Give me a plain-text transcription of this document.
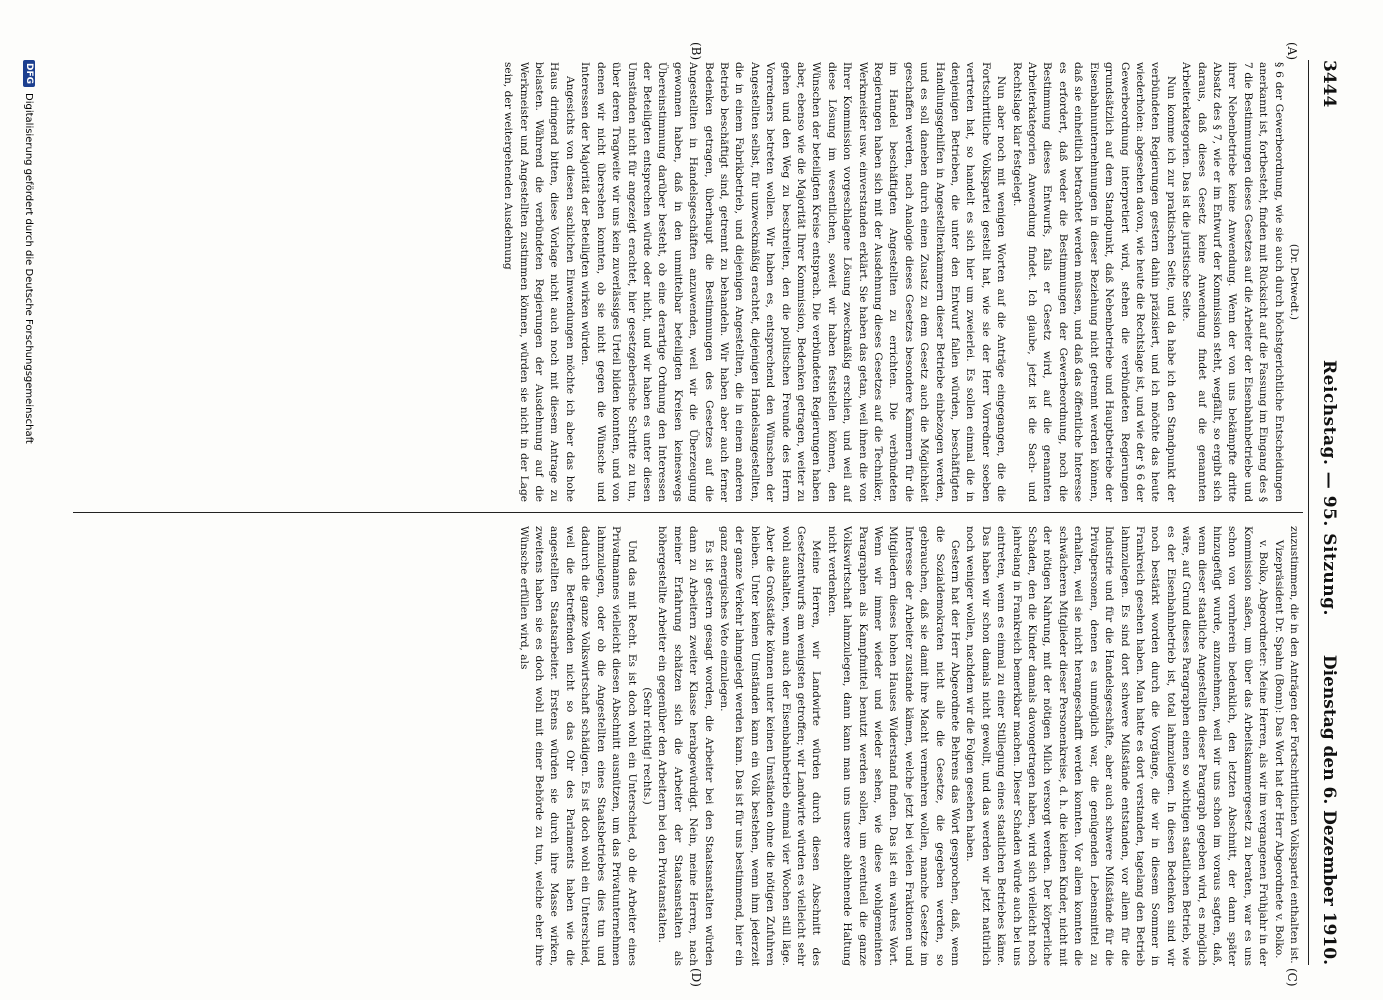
3444
Reichstag. — 95. Sitzung.
Dienstag den 6. Dezember 1910.
(A)
(B)
(C)
(D)

(Dr. Detwedt.)

§ 6 der Gewerbeordnung, wie sie auch durch höchstgerichtliche Entscheidungen anerkannt ist, fortbesteht, finden mit Rücksicht auf die Fassung im Eingang des § 7 die Bestimmungen dieses Gesetzes auf die Arbeiter der Eisenbahnbetriebe und ihrer Nebenbetriebe keine Anwendung. Wenn der von uns bekämpfte dritte Absatz des § 7, wie er im Entwurf der Kommission steht, wegfällt, so ergibt sich daraus, daß dieses Gesetz keine Anwendung findet auf die genannten Arbeiterkategorien. Das ist die juristische Seite.

Nun komme ich zur praktischen Seite, und da habe ich den Standpunkt der verbündeten Regierungen gestern dahin präzisiert, und ich möchte das heute wiederholen: abgesehen davon, wie heute die Rechtslage ist, und wie der § 6 der Gewerbeordnung interpretiert wird, stehen die verbündeten Regierungen grundsätzlich auf dem Standpunkt, daß Nebenbetriebe und Hauptbetriebe der Eisenbahnunternehmungen in dieser Beziehung nicht getrennt werden können, daß sie einheitlich betrachtet werden müssen, und daß das öffentliche Interesse es erfordert, daß weder die Bestimmungen der Gewerbeordnung, noch die Bestimmung dieses Entwurfs, falls er Gesetz wird, auf die genannten Arbeiterkategorien Anwendung findet. Ich glaube, jetzt ist die Sach- und Rechtslage klar festgelegt.

Nun aber noch mit wenigen Worten auf die Anträge eingegangen, die die Fortschrittliche Volkspartei gestellt hat, wie sie der Herr Vorredner soeben vertreten hat, so handelt es sich hier um zweierlei. Es sollen einmal die in denjenigen Betrieben, die unter den Entwurf fallen würden, beschäftigten Handlungsgehilfen in Angestelltenkammern dieser Betriebe einbezogen werden, und es soll daneben durch einen Zusatz zu dem Gesetz auch die Möglichkeit geschaffen werden, nach Analogie dieses Gesetzes besondere Kammern für die im Handel beschäftigten Angestellten zu errichten. Die verbündeten Regierungen haben sich mit der Ausdehnung dieses Gesetzes auf die Techniker, Werkmeister usw. einverstanden erklärt. Sie haben das getan, weil ihnen die von Ihrer Kommission vorgeschlagene Lösung zweckmäßig erschien, und weil auf diese Lösung im wesentlichen, soweit wir haben feststellen können, den Wünschen der beteiligten Kreise entsprach. Die verbündeten Regierungen haben aber, ebenso wie die Majorität Ihrer Kommission, Bedenken getragen, weiter zu gehen und den Weg zu beschreiten, den die politischen Freunde des Herrn Vorredners betreten wollen. Wir haben es, entsprechend den Wünschen der Angestellten selbst, für unzweckmäßig erachtet, diejenigen Handelsangestellten, die in einem Fabrikbetrieb, und diejenigen Angestellten, die in einem anderen Betrieb beschäftigt sind, getrennt zu behandeln. Wir haben aber auch ferner Bedenken getragen, überhaupt die Bestimmungen des Gesetzes auf die Angestellten in Handelsgeschäften anzuwenden, weil wir die Überzeugung gewonnen haben, daß in den unmittelbar beteiligten Kreisen keineswegs Übereinstimmung darüber besteht, ob eine derartige Ordnung den Interessen der Beteiligten entsprechen würde oder nicht, und wir haben es unter diesen Umständen nicht für angezeigt erachtet, hier gesetzgeberische Schritte zu tun, über deren Tragweite wir uns kein zuverlässiges Urteil bilden konnten, und von denen wir nicht übersehen konnten, ob sie nicht gegen die Wünsche und Interessen der Majorität der Beteiligten wirken würden.

Angesichts von diesen sachlichen Einwendungen möchte ich aber das hohe Haus dringend bitten, diese Vorlage nicht auch noch mit diesem Antrage zu belasten. Während die verbündeten Regierungen der Ausdehnung auf die Werkmeister und Angestellten zustimmen können, würden sie nicht in der Lage sein, der weitergehenden Ausdehnung

zuzustimmen, die in den Anträgen der Fortschrittlichen Volkspartei enthalten ist.

Vizepräsident Dr. Spahn (Bonn): Das Wort hat der Herr Abgeordnete v. Bolko.

v. Bolko, Abgeordneter: Meine Herren, als wir im vergangenen Frühjahr in der Kommission saßen, um über das Arbeitskammergesetz zu beraten, war es uns schon von vornherein bedenklich, den letzten Abschnitt, der dann später hinzugefügt wurde, anzunehmen, weil wir uns schon im voraus sagten, daß, wenn dieser staatliche Angestellten dieser Paragraph gegeben wird, es möglich wäre, auf Grund dieses Paragraphen einen so wichtigen staatlichen Betrieb, wie es der Eisenbahnbetrieb ist, total lahmzulegen. In diesen Bedenken sind wir noch bestärkt worden durch die Vorgänge, die wir in diesem Sommer in Frankreich gesehen haben. Man hatte es dort verstanden, tagelang den Betrieb lahmzulegen. Es sind dort schwere Mißstände entstanden, vor allem für die Industrie und für die Handelsgeschäfte, aber auch schwere Mißstände für die Privatpersonen, denen es unmöglich war, die genügenden Lebensmittel zu erhalten, weil sie nicht herangeschafft werden konnten. Vor allem konnten die schwächeren Mitglieder dieser Personenkreise, d. h. die kleinen Kinder, nicht mit der nötigen Nahrung, mit der nötigen Milch versorgt werden. Der körperliche Schaden, den die Kinder damals davongetragen haben, wird sich vielleicht noch jahrelang in Frankreich bemerkbar machen. Dieser Schaden würde auch bei uns eintreten, wenn es einmal zu einer Stillegung eines staatlichen Betriebes käme. Das haben wir schon damals nicht gewollt, und das werden wir jetzt natürlich noch weniger wollen, nachdem wir die Folgen gesehen haben.

Gestern hat der Herr Abgeordnete Behrens das Wort gesprochen, daß, wenn die Sozialdemokraten nicht alle die Gesetze, die gegeben werden, so gebrauchen, daß sie damit ihre Macht vermehren wollen, manche Gesetze im Interesse der Arbeiter zustande kämen, welche jetzt bei vielen Fraktionen und Mitgliedern dieses hohen Hauses Widerstand finden. Das ist ein wahres Wort. Wenn wir immer wieder und wieder sehen, wie diese wohlgemeinten Paragraphen als Kampfmittel benutzt werden sollen, um eventuell die ganze Volkswirtschaft lahmzulegen, dann kann man uns unsere ablehnende Haltung nicht verdenken.

Meine Herren, wir Landwirte würden durch diesen Abschnitt des Gesetzentwurfs am wenigsten getroffen; wir Landwirte würden es vielleicht sehr wohl aushalten, wenn auch der Eisenbahnbetrieb einmal vier Wochen still läge. Aber die Großstädte können unter keinen Umständen ohne die nötigen Zufuhren bleiben. Unter keinen Umständen kann ein Volk bestehen, wenn ihm jederzeit der ganze Verkehr lahmgelegt werden kann. Das ist für uns bestimmend, hier ein ganz energisches Veto einzulegen.

Es ist gestern gesagt worden, die Arbeiter bei den Staatsanstalten würden dann zu Arbeitern zweiter Klasse herabgewürdigt. Nein, meine Herren, nach meiner Erfahrung schätzen sich die Arbeiter der Staatsanstalten als höhergestellte Arbeiter ein gegenüber den Arbeitern bei den Privatanstalten.

(Sehr richtig! rechts.)

Und das mit Recht. Es ist doch wohl ein Unterschied, ob die Arbeiter eines Privatmannes vielleicht diesen Abschnitt ausnützen, um das Privatunternehmen lahmzulegen, oder ob die Angestellten eines Staatsbetriebes dies tun und dadurch die ganze Volkswirtschaft schädigen. Es ist doch wohl ein Unterschied, weil die Betreffenden nicht so das Ohr des Parlaments haben wie die angestellten Staatsarbeiter. Erstens würden sie durch ihre Masse wirken, zweitens haben sie es doch wohl mit einer Behörde zu tun, welche eher ihre Wünsche erfüllen wird, als

DFG
Digitalisierung gefördert durch die Deutsche Forschungsgemeinschaft
